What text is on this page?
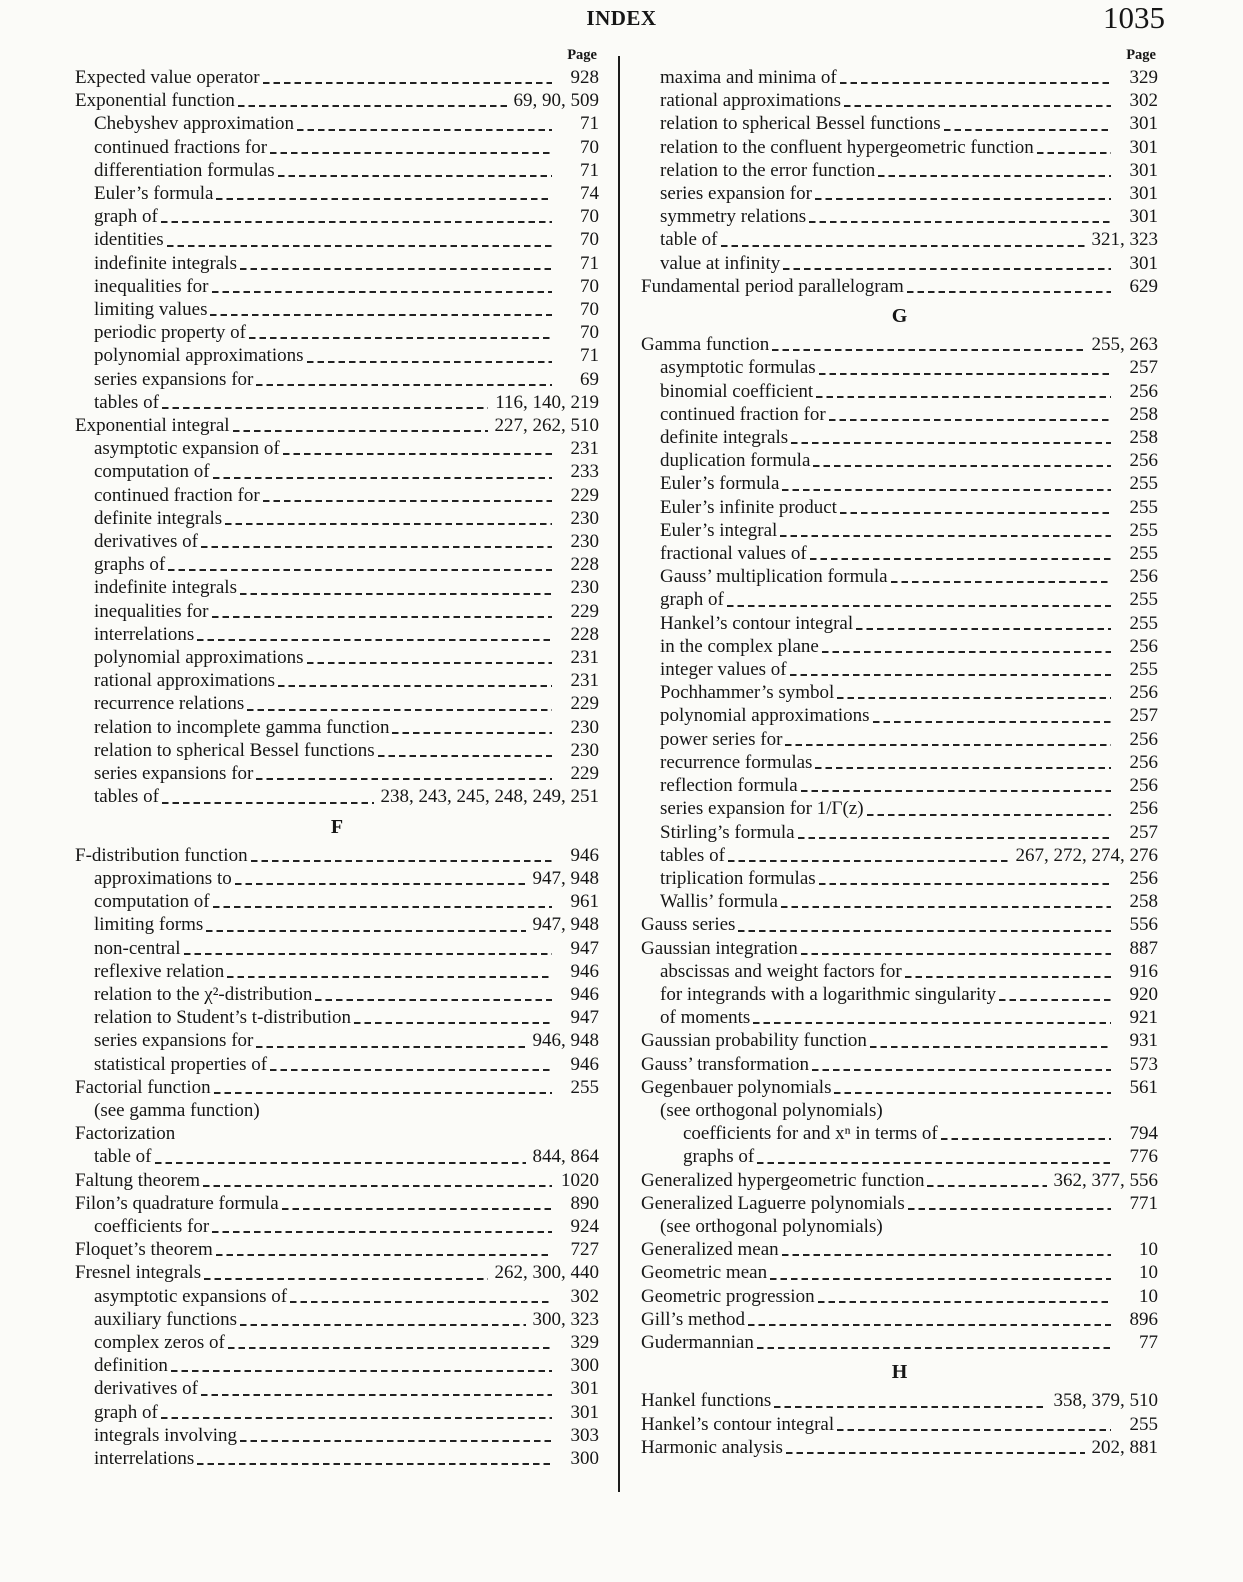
INDEX	1035
Page
Expected value operator	928
Exponential function	69, 90, 509
Chebyshev approximation	71
continued fractions for	70
differentiation formulas	71
Euler’s formula	74
graph of	70
identities	70
indefinite integrals	71
inequalities for	70
limiting values	70
periodic property of	70
polynomial approximations	71
series expansions for	69
tables of	116, 140, 219
Exponential integral	227, 262, 510
asymptotic expansion of	231
computation of	233
continued fraction for	229
definite integrals	230
derivatives of	230
graphs of	228
indefinite integrals	230
inequalities for	229
interrelations	228
polynomial approximations	231
rational approximations	231
recurrence relations	229
relation to incomplete gamma function	230
relation to spherical Bessel functions	230
series expansions for	229
tables of	238, 243, 245, 248, 249, 251
F
F-distribution function	946
approximations to	947, 948
computation of	961
limiting forms	947, 948
non-central	947
reflexive relation	946
relation to the χ²-distribution	946
relation to Student’s t-distribution	947
series expansions for	946, 948
statistical properties of	946
Factorial function	255
(see gamma function)
Factorization
table of	844, 864
Faltung theorem	1020
Filon’s quadrature formula	890
coefficients for	924
Floquet’s theorem	727
Fresnel integrals	262, 300, 440
asymptotic expansions of	302
auxiliary functions	300, 323
complex zeros of	329
definition	300
derivatives of	301
graph of	301
integrals involving	303
interrelations	300
Page
maxima and minima of	329
rational approximations	302
relation to spherical Bessel functions	301
relation to the confluent hypergeometric function	301
relation to the error function	301
series expansion for	301
symmetry relations	301
table of	321, 323
value at infinity	301
Fundamental period parallelogram	629
G
Gamma function	255, 263
asymptotic formulas	257
binomial coefficient	256
continued fraction for	258
definite integrals	258
duplication formula	256
Euler’s formula	255
Euler’s infinite product	255
Euler’s integral	255
fractional values of	255
Gauss’ multiplication formula	256
graph of	255
Hankel’s contour integral	255
in the complex plane	256
integer values of	255
Pochhammer’s symbol	256
polynomial approximations	257
power series for	256
recurrence formulas	256
reflection formula	256
series expansion for 1/Γ(z)	256
Stirling’s formula	257
tables of	267, 272, 274, 276
triplication formulas	256
Wallis’ formula	258
Gauss series	556
Gaussian integration	887
abscissas and weight factors for	916
for integrands with a logarithmic singularity	920
of moments	921
Gaussian probability function	931
Gauss’ transformation	573
Gegenbauer polynomials	561
(see orthogonal polynomials)
coefficients for and xⁿ in terms of	794
graphs of	776
Generalized hypergeometric function	362, 377, 556
Generalized Laguerre polynomials	771
(see orthogonal polynomials)
Generalized mean	10
Geometric mean	10
Geometric progression	10
Gill’s method	896
Gudermannian	77
H
Hankel functions	358, 379, 510
Hankel’s contour integral	255
Harmonic analysis	202, 881
